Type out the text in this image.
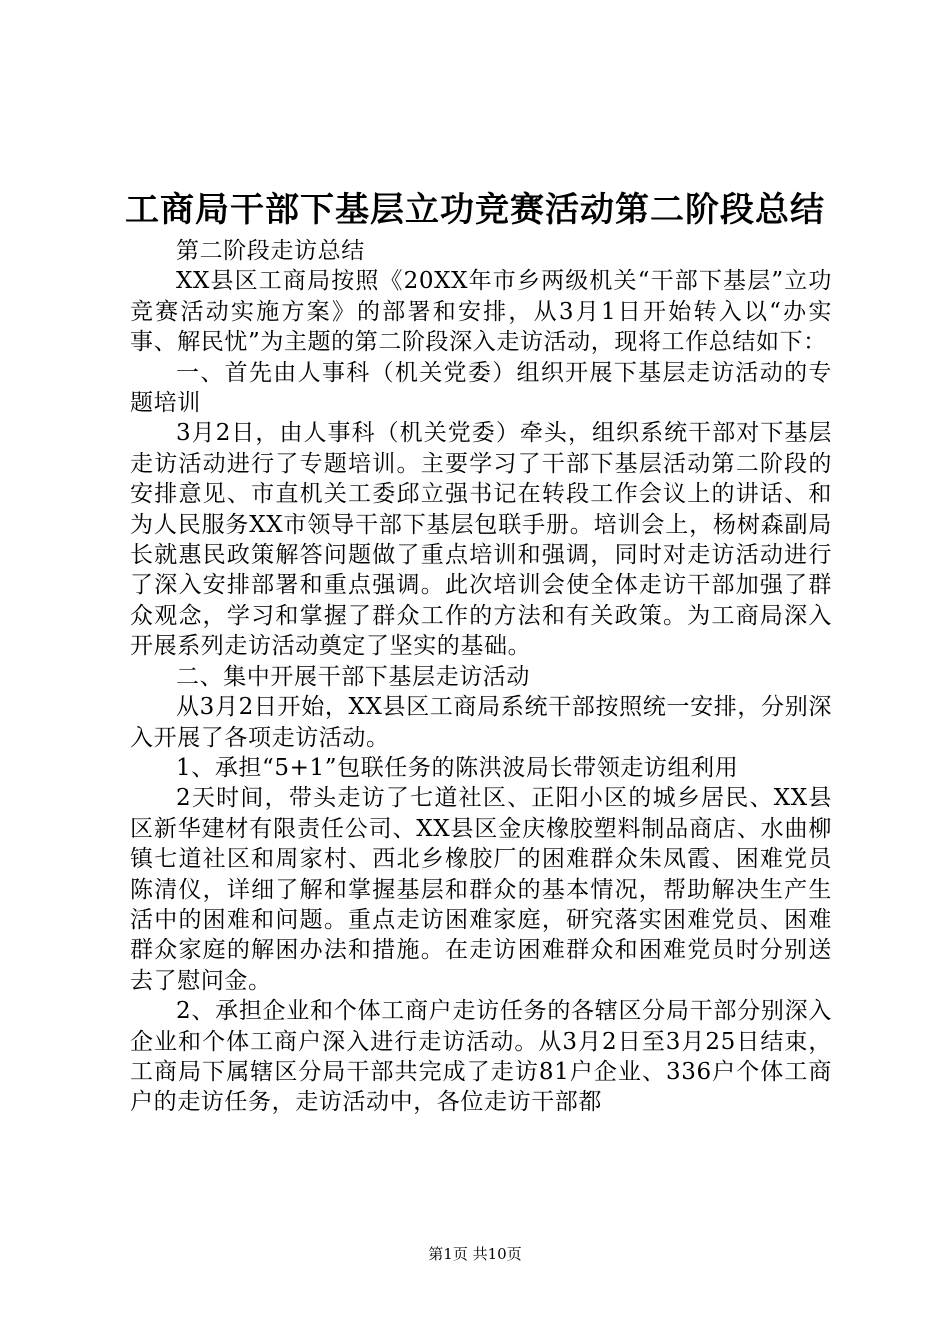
工商局干部下基层立功竞赛活动第二阶段总结

第二阶段走访总结

XX县区工商局按照《20XX年市乡两级机关“干部下基层”立功竞赛活动实施方案》的部署和安排，从3月1日开始转入以“办实事、解民忧”为主题的第二阶段深入走访活动，现将工作总结如下：

一、首先由人事科（机关党委）组织开展下基层走访活动的专题培训

3月2日，由人事科（机关党委）牵头，组织系统干部对下基层走访活动进行了专题培训。主要学习了干部下基层活动第二阶段的安排意见、市直机关工委邱立强书记在转段工作会议上的讲话、和为人民服务XX市领导干部下基层包联手册。培训会上，杨树森副局长就惠民政策解答问题做了重点培训和强调，同时对走访活动进行了深入安排部署和重点强调。此次培训会使全体走访干部加强了群众观念，学习和掌握了群众工作的方法和有关政策。为工商局深入开展系列走访活动奠定了坚实的基础。

二、集中开展干部下基层走访活动

从3月2日开始，XX县区工商局系统干部按照统一安排，分别深入开展了各项走访活动。

1、承担“5+1”包联任务的陈洪波局长带领走访组利用

2天时间，带头走访了七道社区、正阳小区的城乡居民、XX县区新华建材有限责任公司、XX县区金庆橡胶塑料制品商店、水曲柳镇七道社区和周家村、西北乡橡胶厂的困难群众朱凤霞、困难党员陈清仪，详细了解和掌握基层和群众的基本情况，帮助解决生产生活中的困难和问题。重点走访困难家庭，研究落实困难党员、困难群众家庭的解困办法和措施。在走访困难群众和困难党员时分别送去了慰问金。

2、承担企业和个体工商户走访任务的各辖区分局干部分别深入企业和个体工商户深入进行走访活动。从3月2日至3月25日结束，工商局下属辖区分局干部共完成了走访81户企业、336户个体工商户的走访任务，走访活动中，各位走访干部都

第1页 共10页
